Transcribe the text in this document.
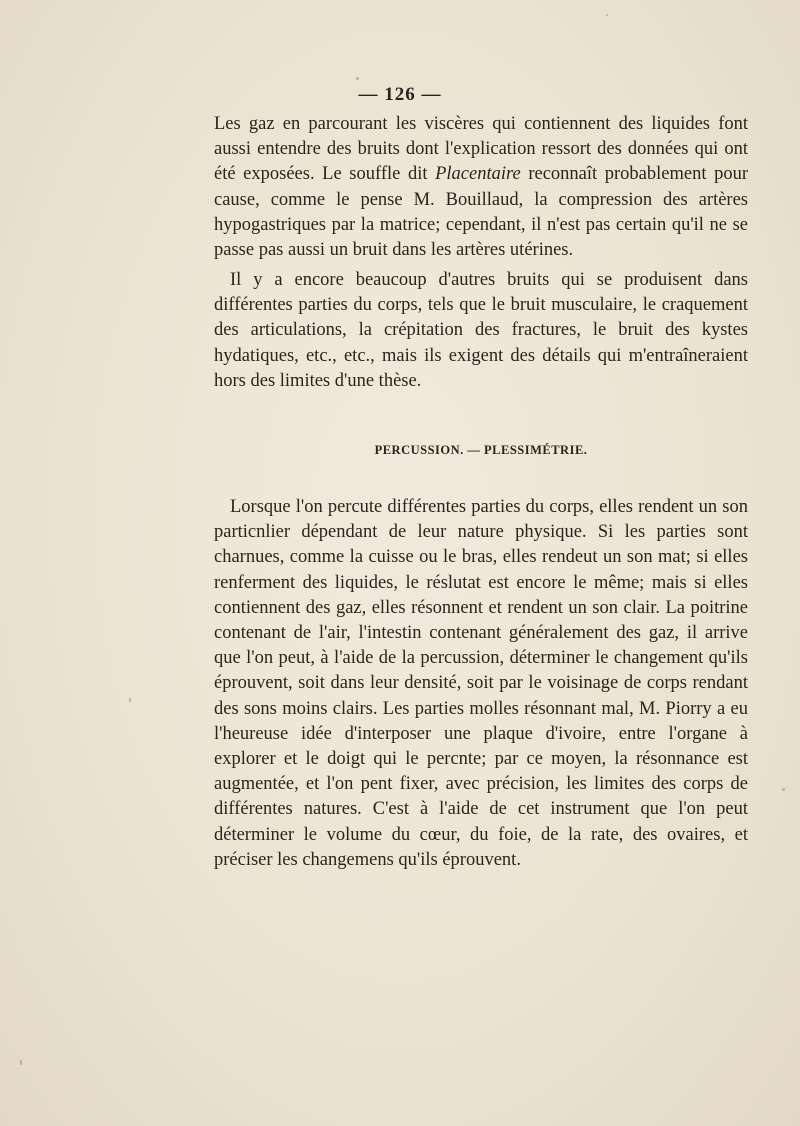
— 126 —

Les gaz en parcourant les viscères qui contiennent des liquides font aussi entendre des bruits dont l'explication ressort des données qui ont été exposées. Le souffle dit Placentaire reconnaît probablement pour cause, comme le pense M. Bouillaud, la compression des artères hypogastriques par la matrice; cependant, il n'est pas certain qu'il ne se passe pas aussi un bruit dans les artères utérines.

Il y a encore beaucoup d'autres bruits qui se produisent dans différentes parties du corps, tels que le bruit musculaire, le craquement des articulations, la crépitation des fractures, le bruit des kystes hydatiques, etc., etc., mais ils exigent des détails qui m'entraîneraient hors des limites d'une thèse.

PERCUSSION. — PLESSIMÉTRIE.

Lorsque l'on percute différentes parties du corps, elles rendent un son particnlier dépendant de leur nature physique. Si les parties sont charnues, comme la cuisse ou le bras, elles rendeut un son mat; si elles renferment des liquides, le réslutat est encore le même; mais si elles contiennent des gaz, elles résonnent et rendent un son clair. La poitrine contenant de l'air, l'intestin contenant généralement des gaz, il arrive que l'on peut, à l'aide de la percussion, déterminer le changement qu'ils éprouvent, soit dans leur densité, soit par le voisinage de corps rendant des sons moins clairs. Les parties molles résonnant mal, M. Piorry a eu l'heureuse idée d'interposer une plaque d'ivoire, entre l'organe à explorer et le doigt qui le percnte; par ce moyen, la résonnance est augmentée, et l'on pent fixer, avec précision, les limites des corps de différentes natures. C'est à l'aide de cet instrument que l'on peut déterminer le volume du cœur, du foie, de la rate, des ovaires, et préciser les changemens qu'ils éprouvent.
